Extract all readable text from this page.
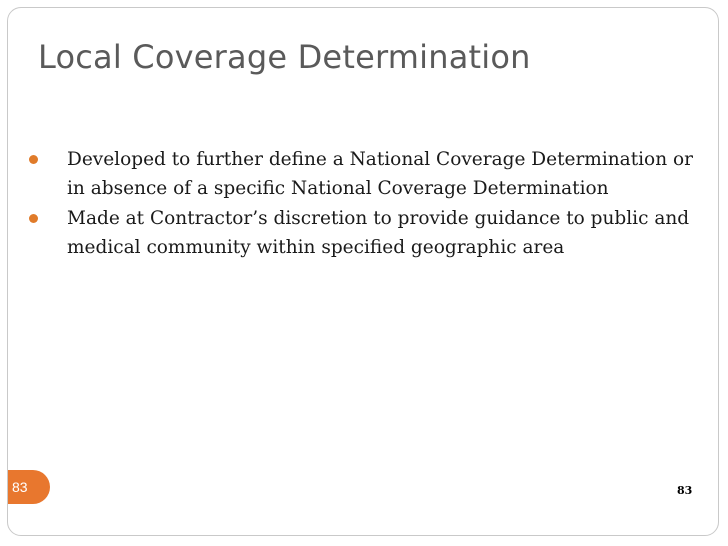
Local Coverage Determination
Developed to further define a National Coverage Determination or in absence of a specific National Coverage Determination
Made at Contractor’s discretion to provide guidance to public and medical community within specified geographic area
83	83
